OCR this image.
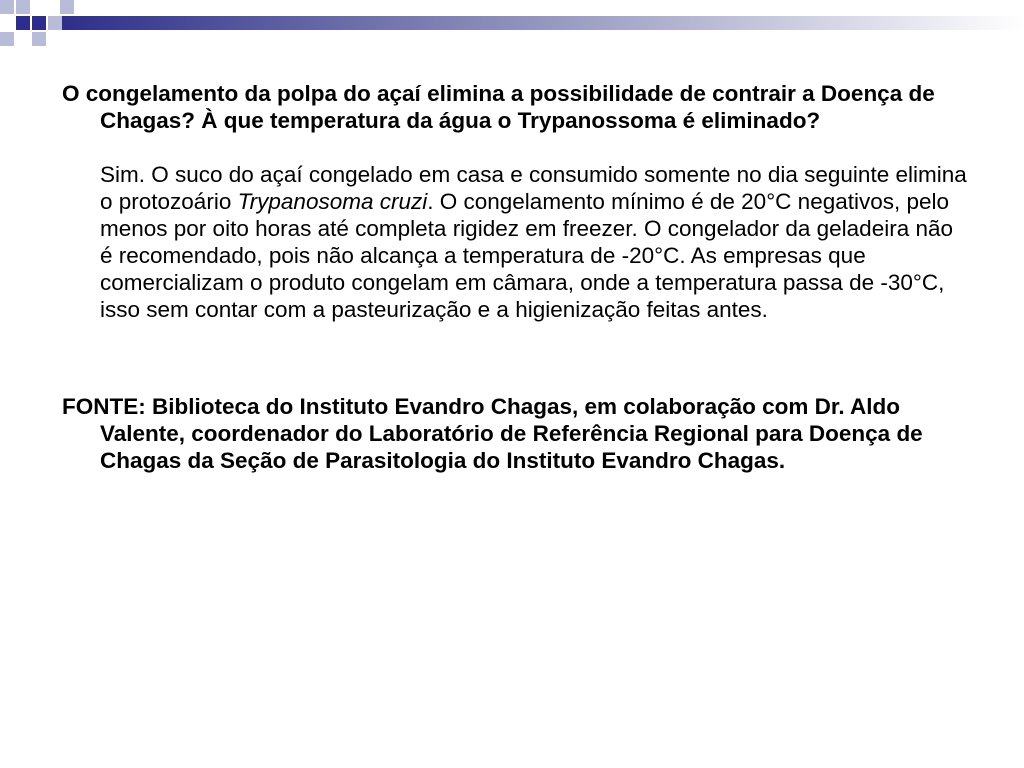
O congelamento da polpa do açaí elimina a possibilidade de contrair a Doença de Chagas? À que temperatura da água o Trypanossoma é eliminado?

Sim. O suco do açaí congelado em casa e consumido somente no dia seguinte elimina o protozoário Trypanosoma cruzi. O congelamento mínimo é de 20°C negativos, pelo menos por oito horas até completa rigidez em freezer. O congelador da geladeira não é recomendado, pois não alcança a temperatura de -20°C. As empresas que comercializam o produto congelam em câmara, onde a temperatura passa de -30°C, isso sem contar com a pasteurização e a higienização feitas antes.

FONTE: Biblioteca do Instituto Evandro Chagas, em colaboração com Dr. Aldo Valente, coordenador do Laboratório de Referência Regional para Doença de Chagas da Seção de Parasitologia do Instituto Evandro Chagas.
